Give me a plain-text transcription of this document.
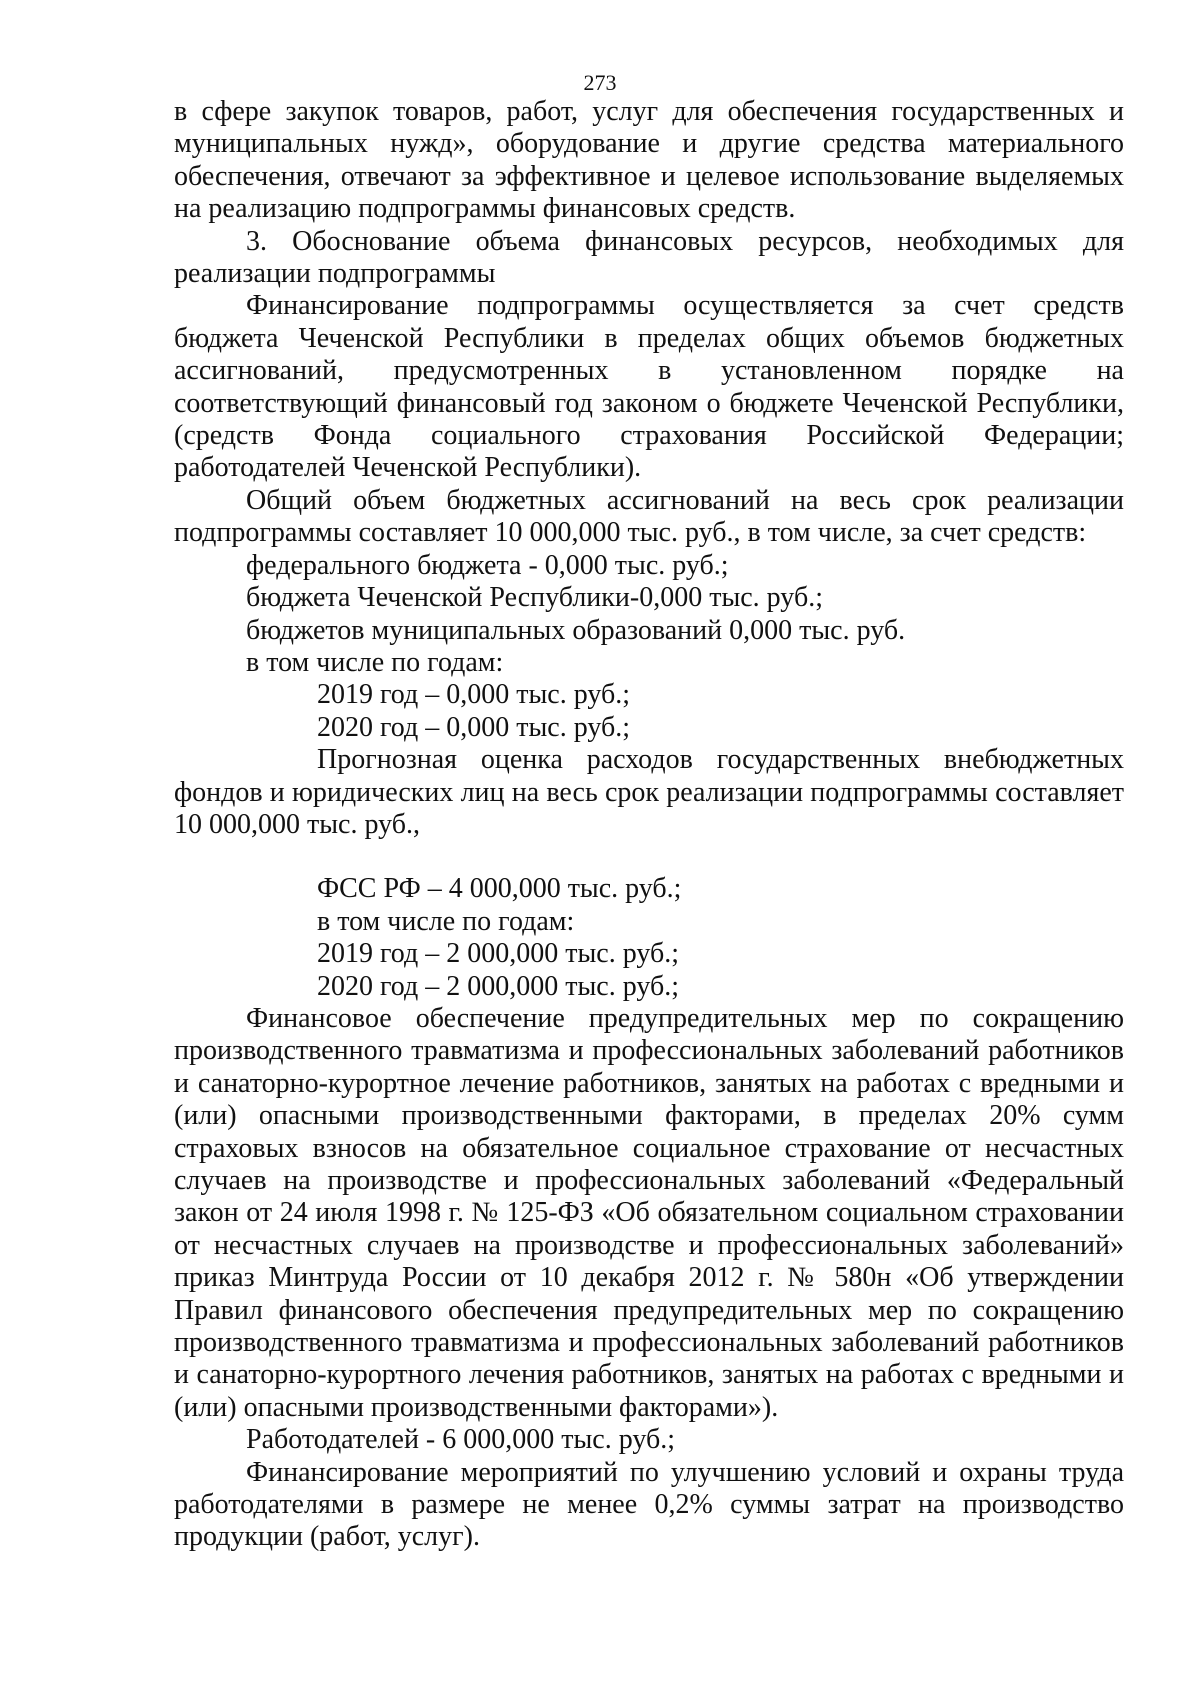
273

в сфере закупок товаров, работ, услуг для обеспечения государственных и муниципальных нужд», оборудование и другие средства материального обеспечения, отвечают за эффективное и целевое использование выделяемых на реализацию подпрограммы финансовых средств.

3. Обоснование объема финансовых ресурсов, необходимых для реализации подпрограммы

Финансирование подпрограммы осуществляется за счет средств бюджета Чеченской Республики в пределах общих объемов бюджетных ассигнований, предусмотренных в установленном порядке на соответствующий финансовый год законом о бюджете Чеченской Республики, (средств Фонда социального страхования Российской Федерации; работодателей Чеченской Республики).

Общий объем бюджетных ассигнований на весь срок реализации подпрограммы составляет 10 000,000 тыс. руб., в том числе, за счет средств:

федерального бюджета - 0,000 тыс. руб.;

бюджета Чеченской Республики-0,000 тыс. руб.;

бюджетов муниципальных образований 0,000 тыс. руб.

в том числе по годам:

2019 год – 0,000 тыс. руб.;

2020 год – 0,000 тыс. руб.;

Прогнозная оценка расходов государственных внебюджетных фондов и юридических лиц на весь срок реализации подпрограммы составляет 10 000,000 тыс. руб.,

ФСС РФ – 4 000,000 тыс. руб.;

в том числе по годам:

2019 год – 2 000,000 тыс. руб.;

2020 год – 2 000,000 тыс. руб.;

Финансовое обеспечение предупредительных мер по сокращению производственного травматизма и профессиональных заболеваний работников и санаторно-курортное лечение работников, занятых на работах с вредными и (или) опасными производственными факторами, в пределах 20% сумм страховых взносов на обязательное социальное страхование от несчастных случаев на производстве и профессиональных заболеваний «Федеральный закон от 24 июля 1998 г. № 125-ФЗ «Об обязательном социальном страховании от несчастных случаев на производстве и профессиональных заболеваний» приказ Минтруда России от 10 декабря 2012 г. № 580н «Об утверждении Правил финансового обеспечения предупредительных мер по сокращению производственного травматизма и профессиональных заболеваний работников и санаторно-курортного лечения работников, занятых на работах с вредными и (или) опасными производственными факторами»).

Работодателей - 6 000,000 тыс. руб.;

Финансирование мероприятий по улучшению условий и охраны труда работодателями в размере не менее 0,2% суммы затрат на производство продукции (работ, услуг).
